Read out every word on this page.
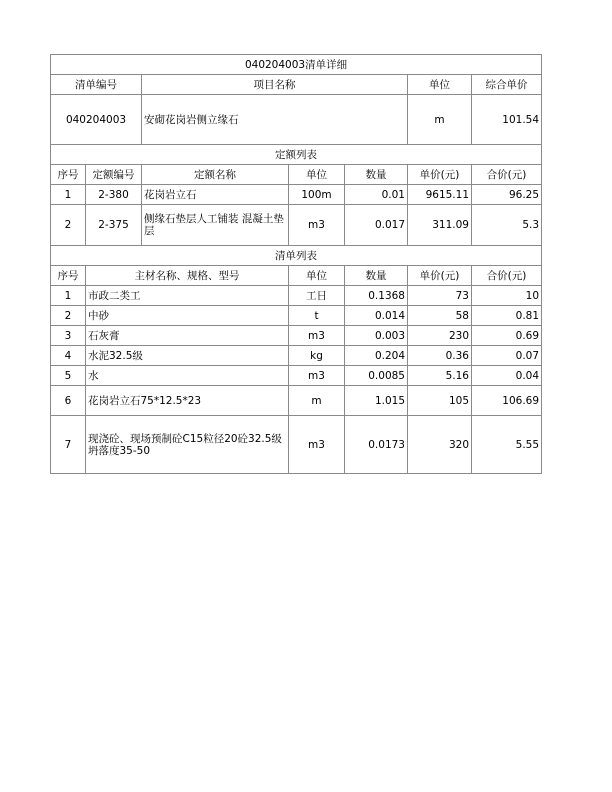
040204003清单详细						
清单编号		项目名称			单位	综合单价
040204003		安砌花岗岩侧立缘石			m	101.54
定额列表						
序号	定额编号	定额名称	单位	数量	单价(元)	合价(元)
1	2-380	花岗岩立石	100m	0.01	9615.11	96.25
2	2-375	侧缘石垫层人工铺装 混凝土垫层	m3	0.017	311.09	5.3
清单列表						
序号	主材名称、规格、型号		单位	数量	单价(元)	合价(元)
1	市政二类工		工日	0.1368	73	10
2	中砂		t	0.014	58	0.81
3	石灰膏		m3	0.003	230	0.69
4	水泥32.5级		kg	0.204	0.36	0.07
5	水		m3	0.0085	5.16	0.04
6	花岗岩立石75*12.5*23		m	1.015	105	106.69
7	现浇砼、现场预制砼C15粒径20砼32.5级坍落度35-50		m3	0.0173	320	5.55
